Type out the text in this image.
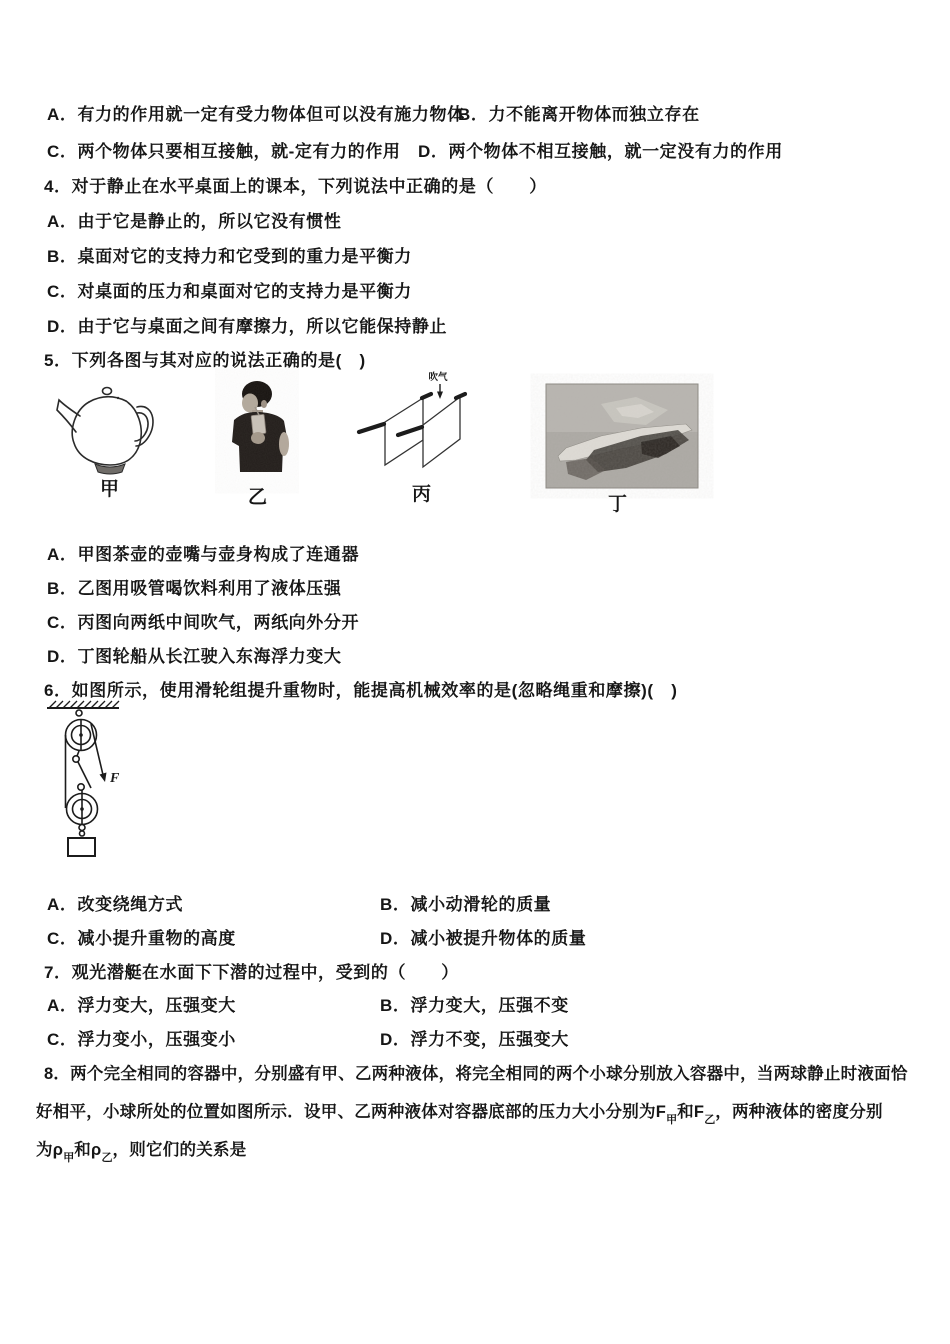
A．有力的作用就一定有受力物体但可以没有施力物体
B．力不能离开物体而独立存在
C．两个物体只要相互接触，就-定有力的作用 D．两个物体不相互接触，就一定没有力的作用
4．对于静止在水平桌面上的课本，下列说法中正确的是（　　）
A．由于它是静止的，所以它没有惯性
B．桌面对它的支持力和它受到的重力是平衡力
C．对桌面的压力和桌面对它的支持力是平衡力
D．由于它与桌面之间有摩擦力，所以它能保持静止
5．下列各图与其对应的说法正确的是(　)
甲	乙
吹气
丙	丁
A．甲图茶壶的壶嘴与壶身构成了连通器
B．乙图用吸管喝饮料利用了液体压强
C．丙图向两纸中间吹气，两纸向外分开
D．丁图轮船从长江驶入东海浮力变大
6．如图所示，使用滑轮组提升重物时，能提高机械效率的是(忽略绳重和摩擦)(　)
F
A．改变绕绳方式	B．减小动滑轮的质量
C．减小提升重物的高度	D．减小被提升物体的质量
7．观光潜艇在水面下下潜的过程中，受到的（　　）
A．浮力变大，压强变大	B．浮力变大，压强不变
C．浮力变小，压强变小	D．浮力不变，压强变大
8．两个完全相同的容器中，分别盛有甲、乙两种液体，将完全相同的两个小球分别放入容器中，当两球静止时液面恰
好相平，小球所处的位置如图所示．设甲、乙两种液体对容器底部的压力大小分别为$F_甲$和$F_乙$，两种液体的密度分别
为$\rho_甲$和$\rho_乙$，则它们的关系是
